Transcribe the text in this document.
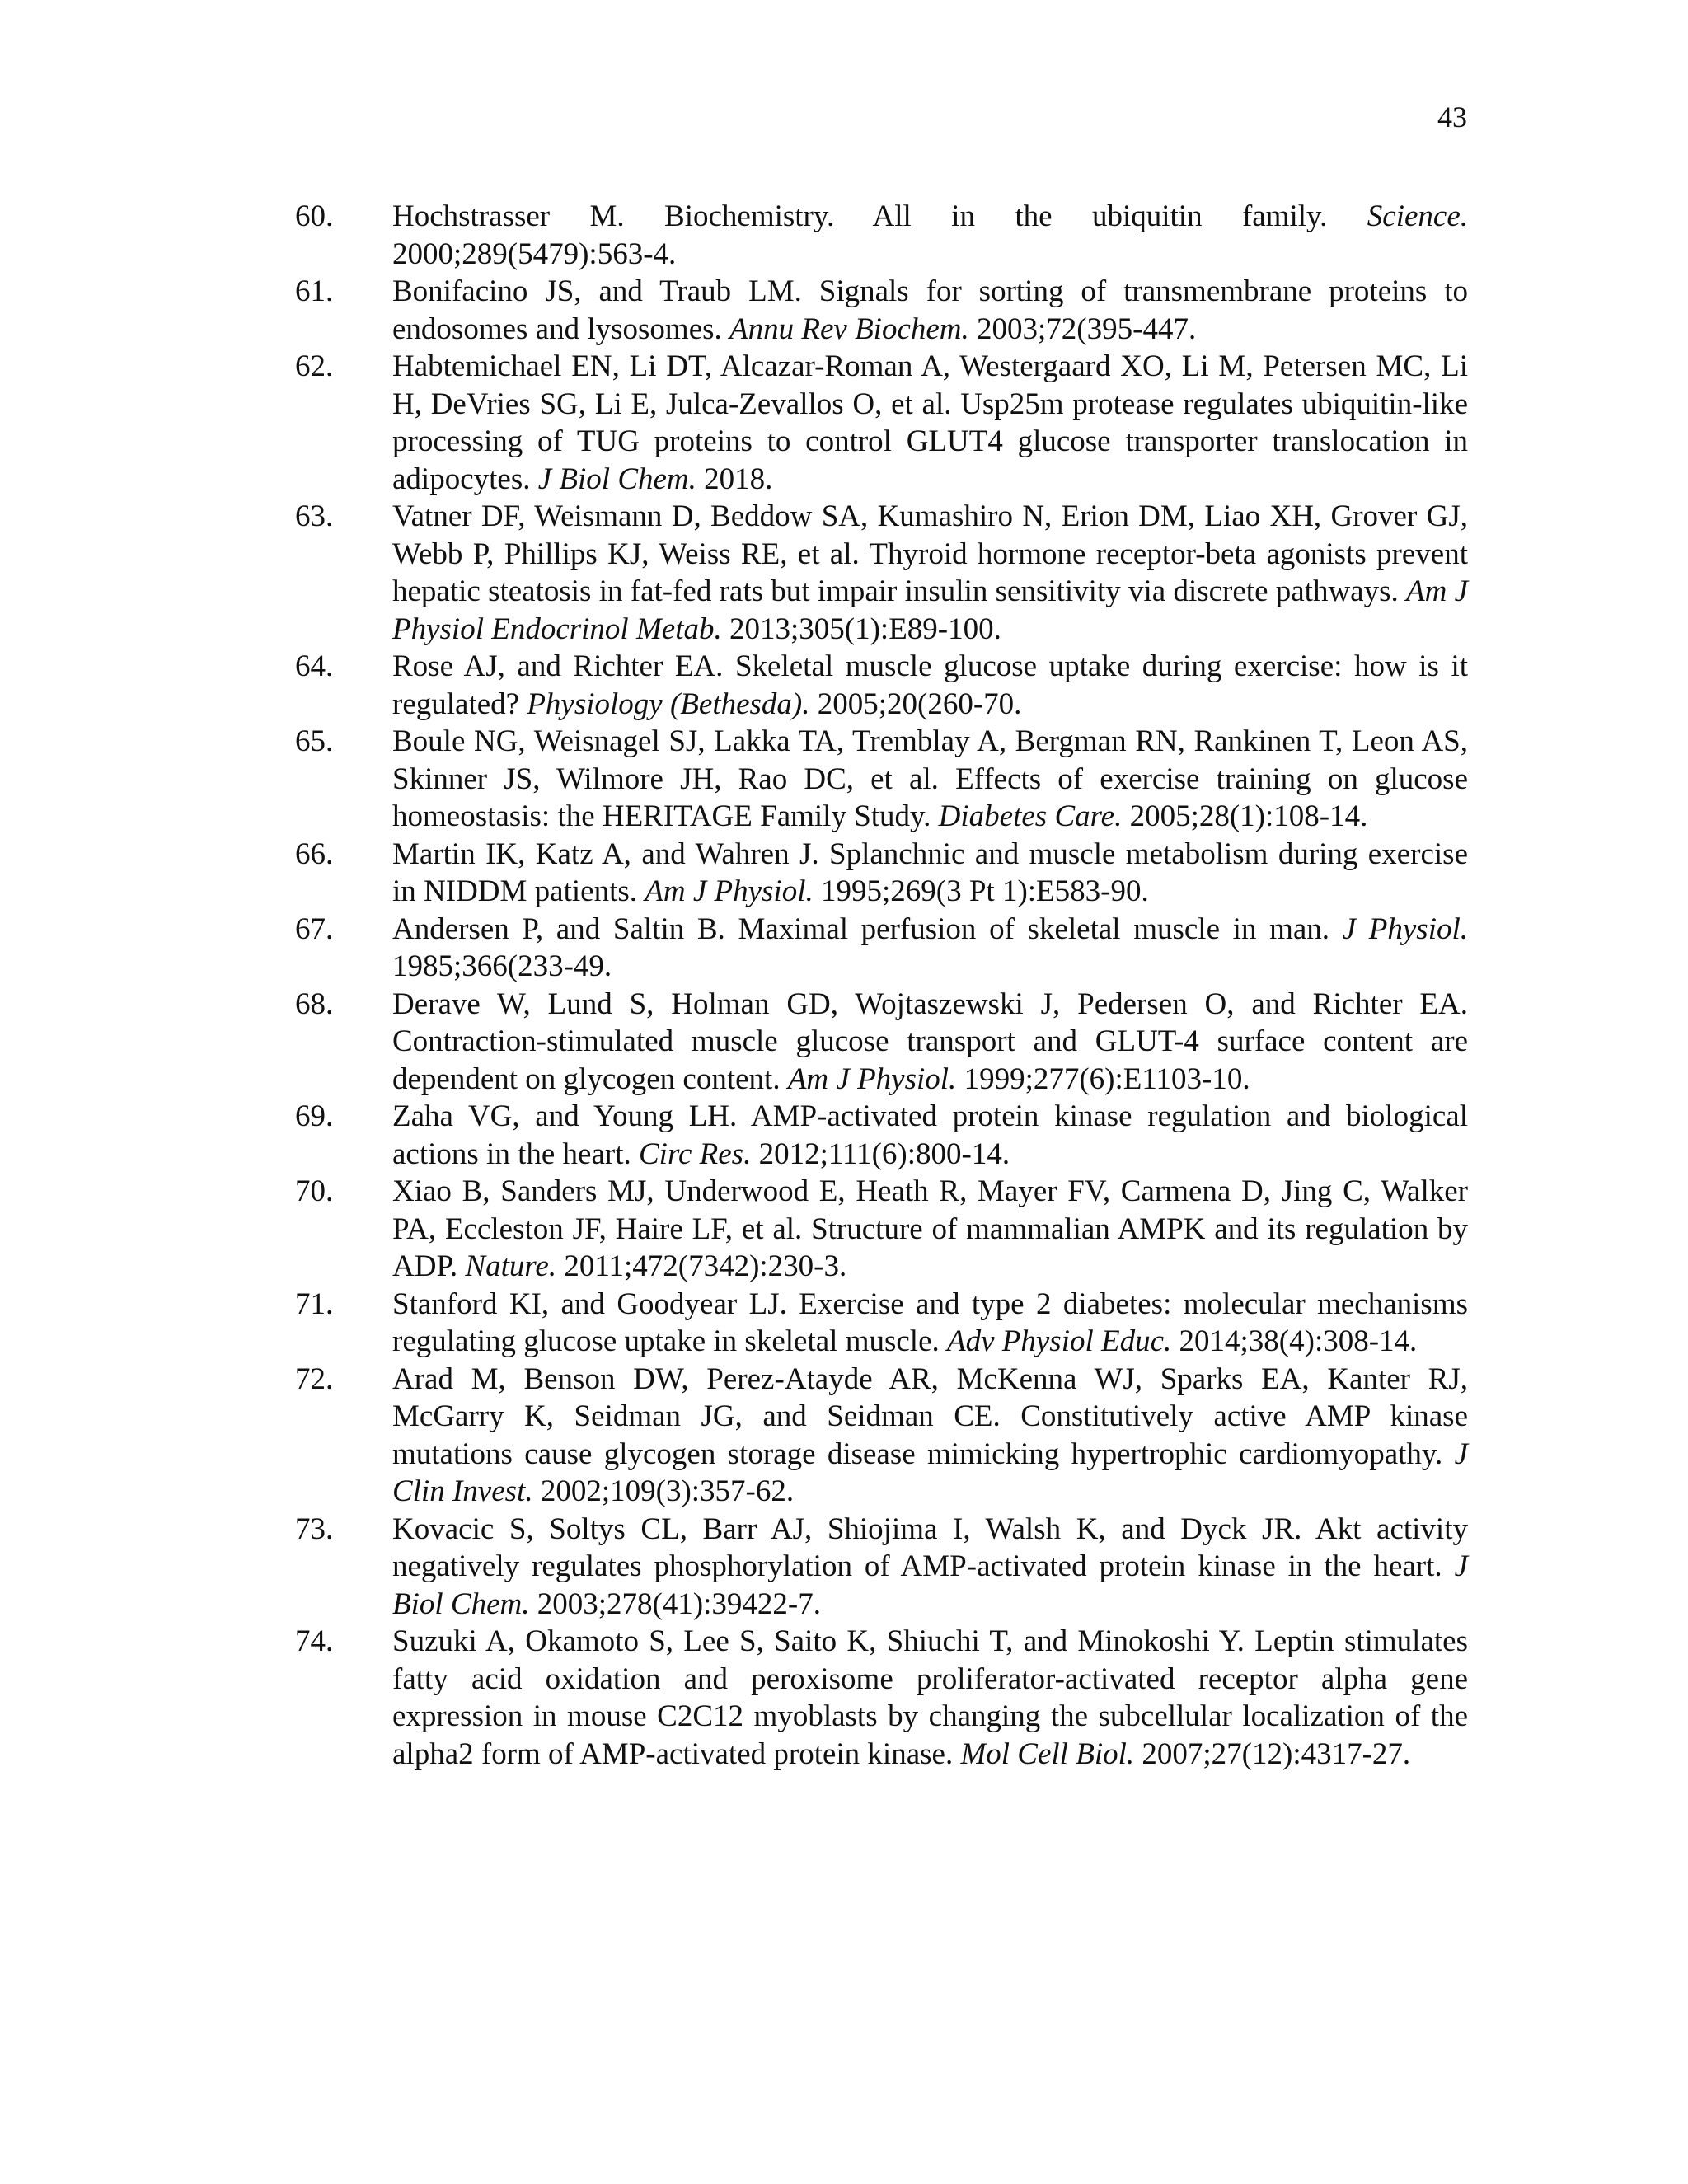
43
60.	Hochstrasser M. Biochemistry. All in the ubiquitin family. Science. 2000;289(5479):563-4.
61.	Bonifacino JS, and Traub LM. Signals for sorting of transmembrane proteins to endosomes and lysosomes. Annu Rev Biochem. 2003;72(395-447.
62.	Habtemichael EN, Li DT, Alcazar-Roman A, Westergaard XO, Li M, Petersen MC, Li H, DeVries SG, Li E, Julca-Zevallos O, et al. Usp25m protease regulates ubiquitin-like processing of TUG proteins to control GLUT4 glucose transporter translocation in adipocytes. J Biol Chem. 2018.
63.	Vatner DF, Weismann D, Beddow SA, Kumashiro N, Erion DM, Liao XH, Grover GJ, Webb P, Phillips KJ, Weiss RE, et al. Thyroid hormone receptor-beta agonists prevent hepatic steatosis in fat-fed rats but impair insulin sensitivity via discrete pathways. Am J Physiol Endocrinol Metab. 2013;305(1):E89-100.
64.	Rose AJ, and Richter EA. Skeletal muscle glucose uptake during exercise: how is it regulated? Physiology (Bethesda). 2005;20(260-70.
65.	Boule NG, Weisnagel SJ, Lakka TA, Tremblay A, Bergman RN, Rankinen T, Leon AS, Skinner JS, Wilmore JH, Rao DC, et al. Effects of exercise training on glucose homeostasis: the HERITAGE Family Study. Diabetes Care. 2005;28(1):108-14.
66.	Martin IK, Katz A, and Wahren J. Splanchnic and muscle metabolism during exercise in NIDDM patients. Am J Physiol. 1995;269(3 Pt 1):E583-90.
67.	Andersen P, and Saltin B. Maximal perfusion of skeletal muscle in man. J Physiol. 1985;366(233-49.
68.	Derave W, Lund S, Holman GD, Wojtaszewski J, Pedersen O, and Richter EA. Contraction-stimulated muscle glucose transport and GLUT-4 surface content are dependent on glycogen content. Am J Physiol. 1999;277(6):E1103-10.
69.	Zaha VG, and Young LH. AMP-activated protein kinase regulation and biological actions in the heart. Circ Res. 2012;111(6):800-14.
70.	Xiao B, Sanders MJ, Underwood E, Heath R, Mayer FV, Carmena D, Jing C, Walker PA, Eccleston JF, Haire LF, et al. Structure of mammalian AMPK and its regulation by ADP. Nature. 2011;472(7342):230-3.
71.	Stanford KI, and Goodyear LJ. Exercise and type 2 diabetes: molecular mechanisms regulating glucose uptake in skeletal muscle. Adv Physiol Educ. 2014;38(4):308-14.
72.	Arad M, Benson DW, Perez-Atayde AR, McKenna WJ, Sparks EA, Kanter RJ, McGarry K, Seidman JG, and Seidman CE. Constitutively active AMP kinase mutations cause glycogen storage disease mimicking hypertrophic cardiomyopathy. J Clin Invest. 2002;109(3):357-62.
73.	Kovacic S, Soltys CL, Barr AJ, Shiojima I, Walsh K, and Dyck JR. Akt activity negatively regulates phosphorylation of AMP-activated protein kinase in the heart. J Biol Chem. 2003;278(41):39422-7.
74.	Suzuki A, Okamoto S, Lee S, Saito K, Shiuchi T, and Minokoshi Y. Leptin stimulates fatty acid oxidation and peroxisome proliferator-activated receptor alpha gene expression in mouse C2C12 myoblasts by changing the subcellular localization of the alpha2 form of AMP-activated protein kinase. Mol Cell Biol. 2007;27(12):4317-27.
